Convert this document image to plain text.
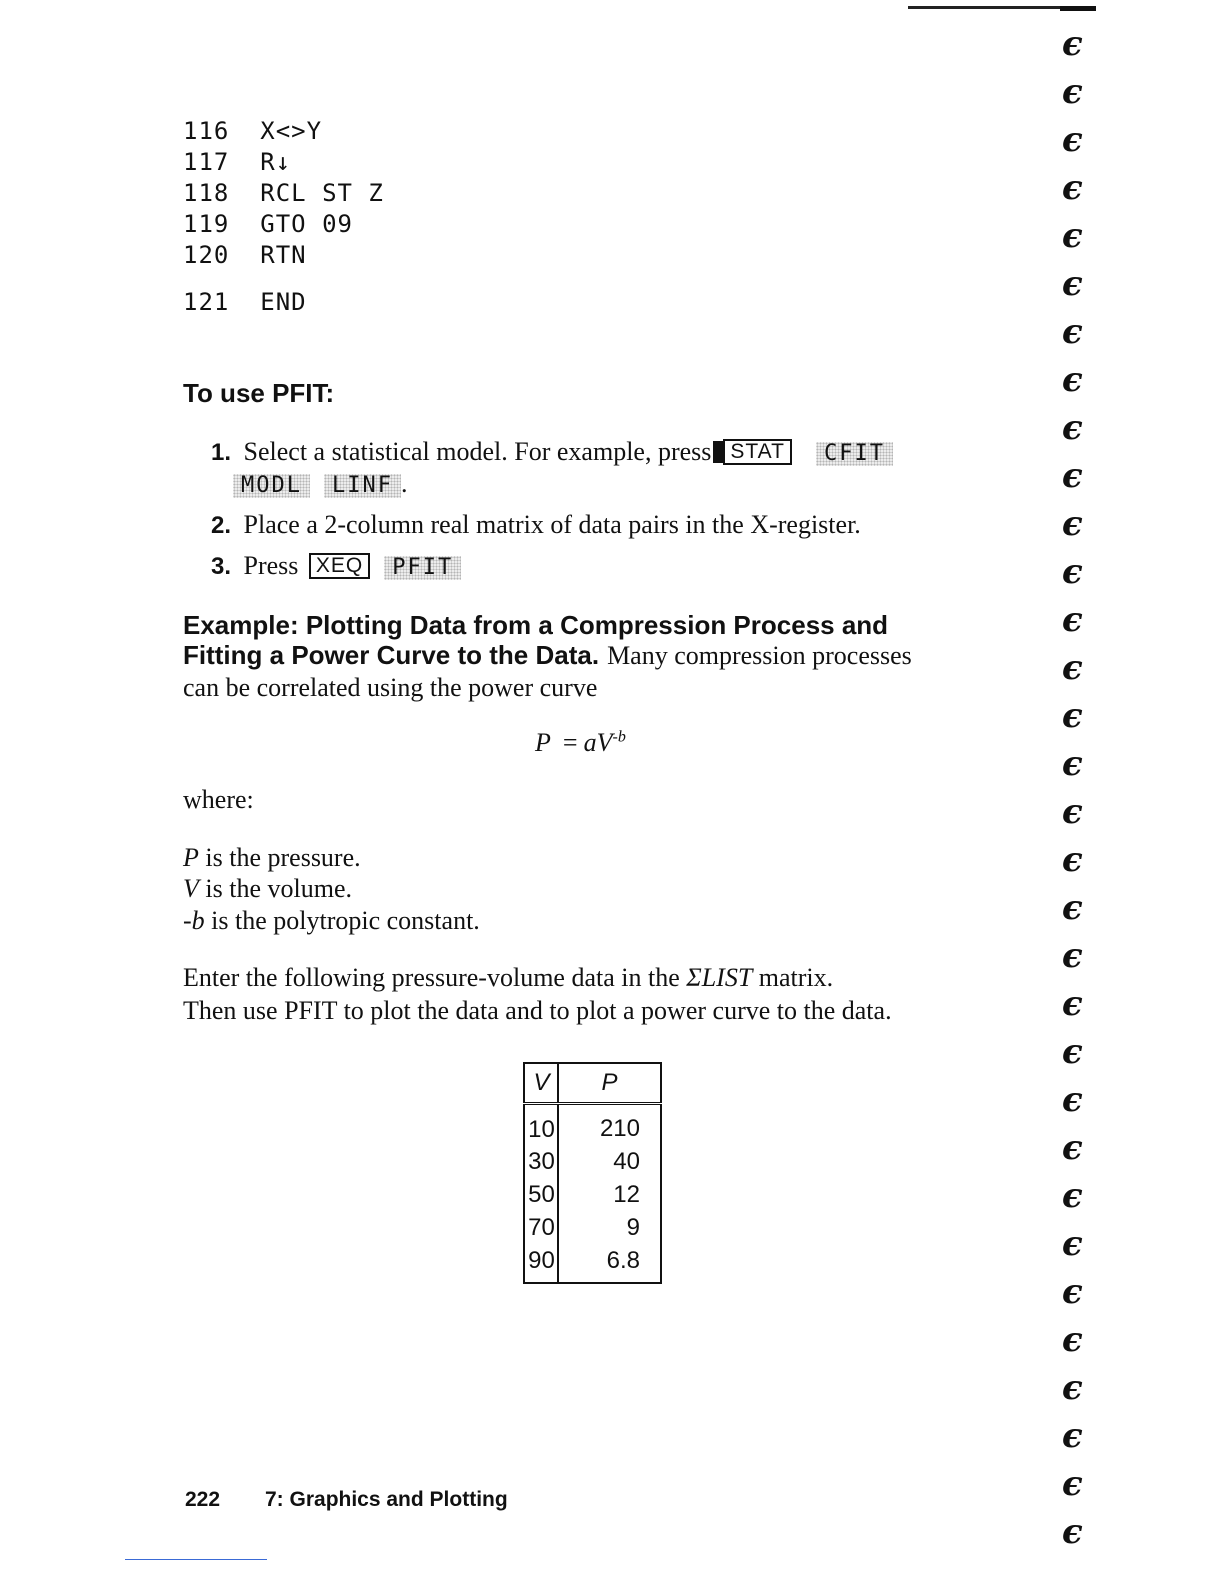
116 X<>Y
117 R↓
118 RCL ST Z
119 GTO 09
120 RTN
121 END
To use PFIT:
1. Select a statistical model. For example, press STAT CFIT
MODL LINF .
2. Place a 2-column real matrix of data pairs in the X-register.
3. Press XEQ PFIT
Example: Plotting Data from a Compression Process and
Fitting a Power Curve to the Data. Many compression processes
can be correlated using the power curve
$P = aV^{-b}$
where:
P is the pressure.
V is the volume.
-b is the polytropic constant.
Enter the following pressure-volume data in the ΣLIST matrix.
Then use PFIT to plot the data and to plot a power curve to the data.
V	P
10	210
30	40
50	12
70	9
90	6.8
222 7: Graphics and Plotting
є
є
є
є
є
є
є
є
є
є
є
є
є
є
є
є
є
є
є
є
є
є
є
є
є
є
є
є
є
є
є
є
